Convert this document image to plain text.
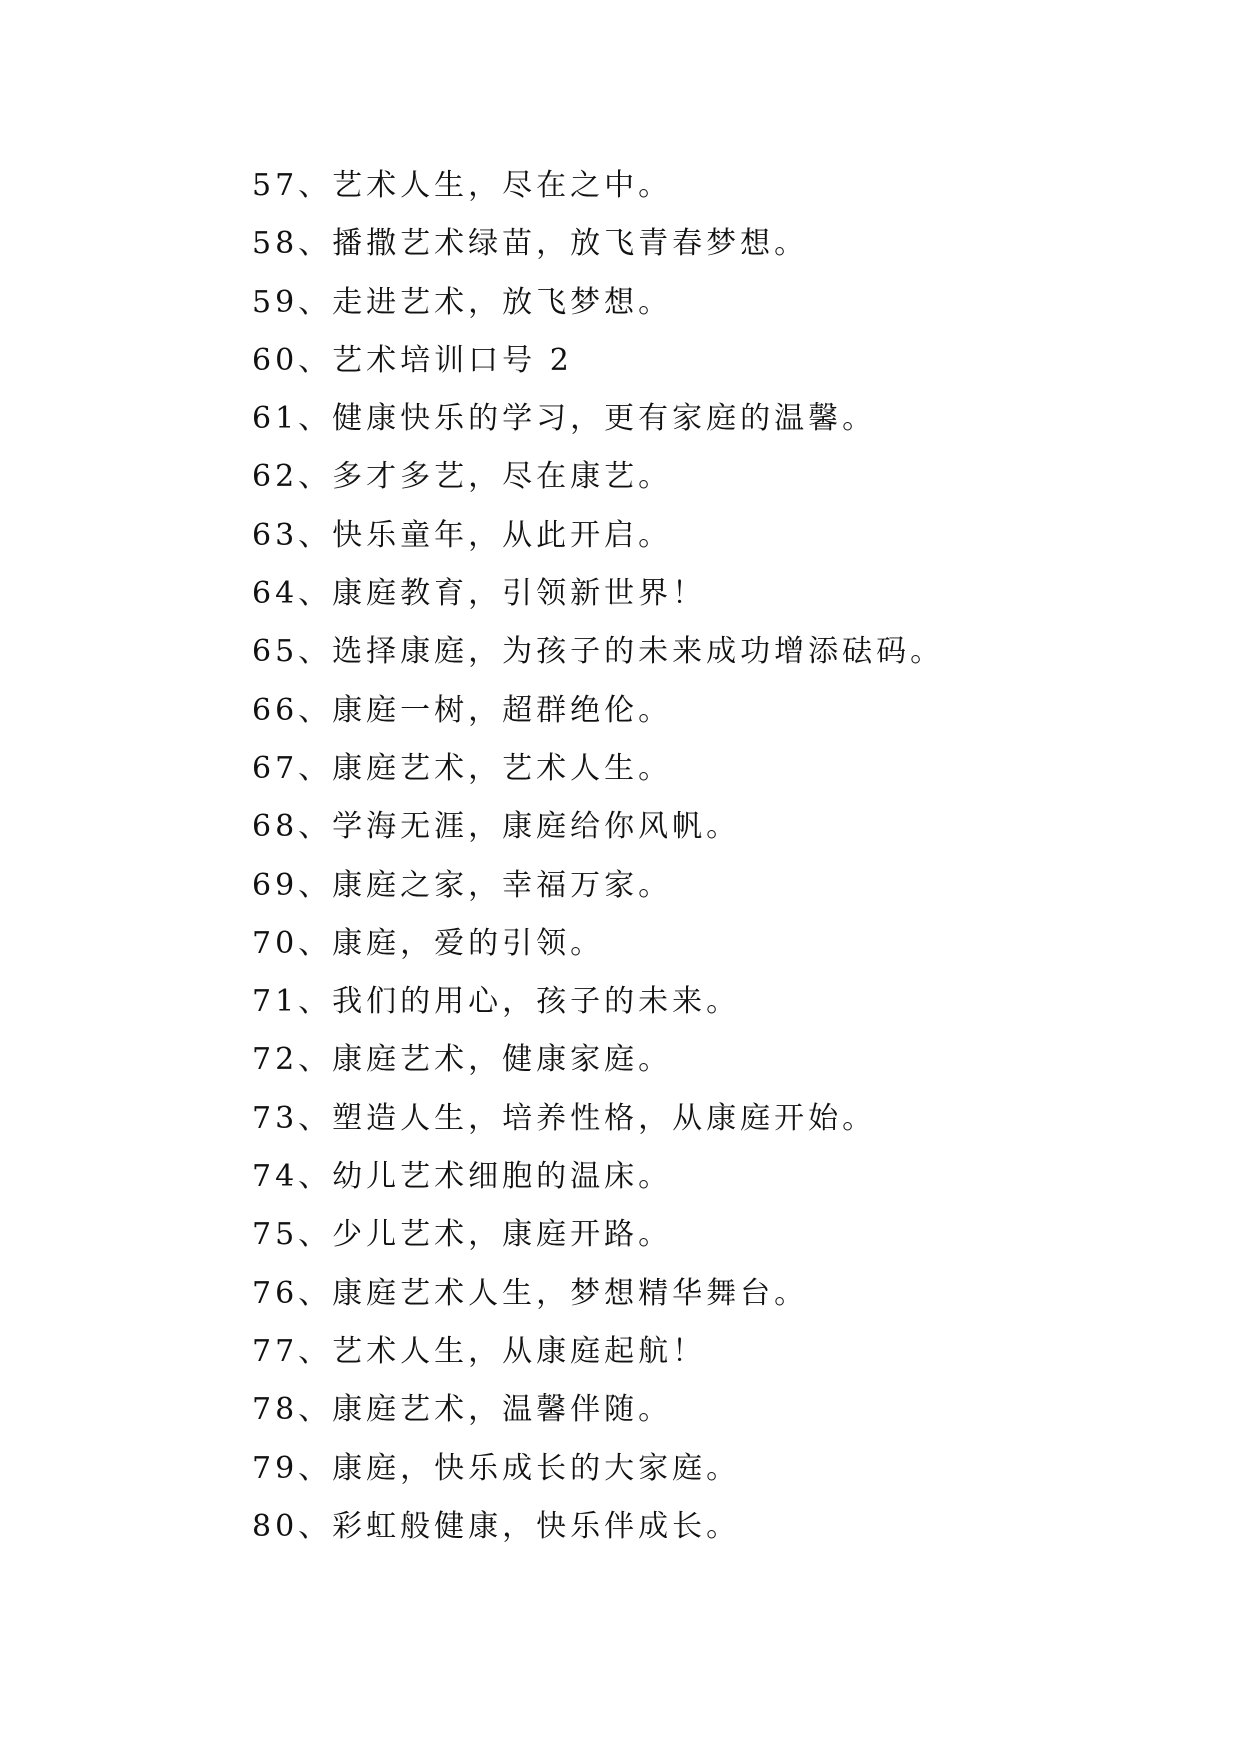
57、艺术人生，尽在之中。
58、播撒艺术绿苗，放飞青春梦想。
59、走进艺术，放飞梦想。
60、艺术培训口号 2
61、健康快乐的学习，更有家庭的温馨。
62、多才多艺，尽在康艺。
63、快乐童年，从此开启。
64、康庭教育，引领新世界！
65、选择康庭，为孩子的未来成功增添砝码。
66、康庭一树，超群绝伦。
67、康庭艺术，艺术人生。
68、学海无涯，康庭给你风帆。
69、康庭之家，幸福万家。
70、康庭，爱的引领。
71、我们的用心，孩子的未来。
72、康庭艺术，健康家庭。
73、塑造人生，培养性格，从康庭开始。
74、幼儿艺术细胞的温床。
75、少儿艺术，康庭开路。
76、康庭艺术人生，梦想精华舞台。
77、艺术人生，从康庭起航！
78、康庭艺术，温馨伴随。
79、康庭，快乐成长的大家庭。
80、彩虹般健康，快乐伴成长。
